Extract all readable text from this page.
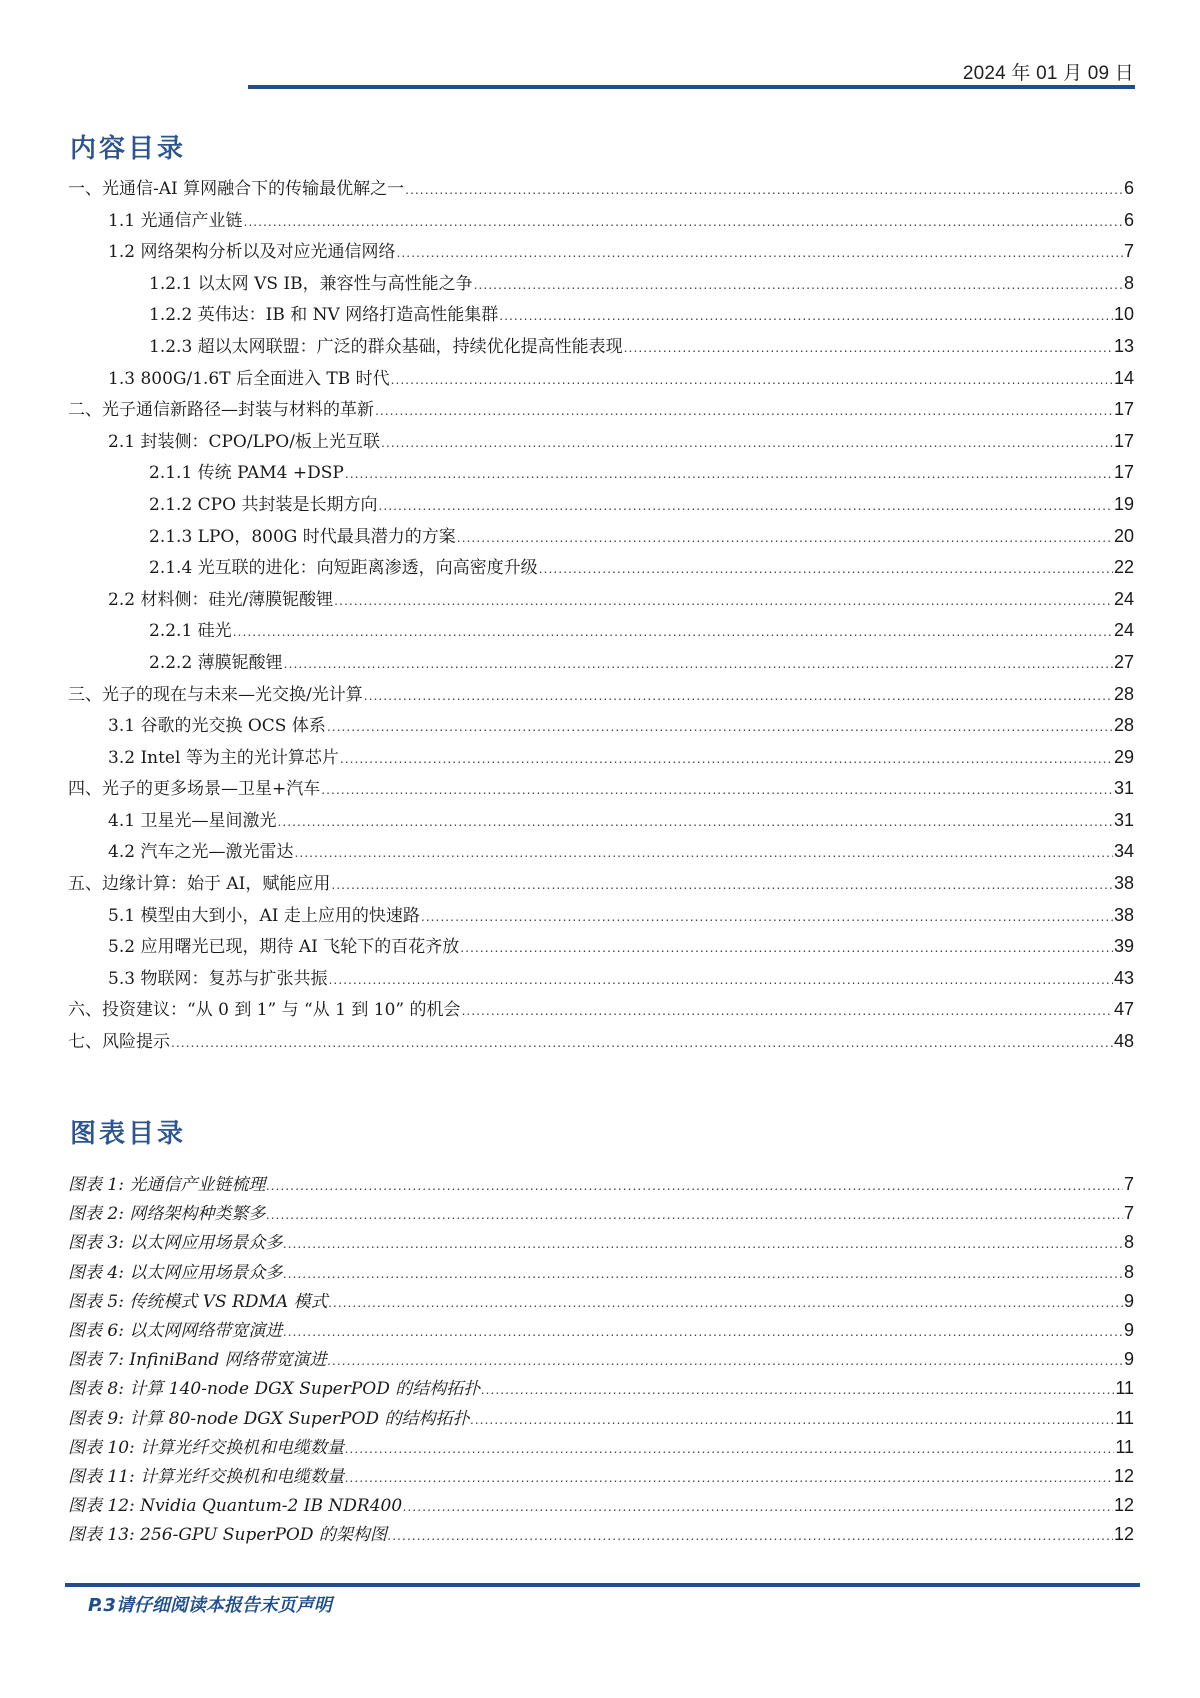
2024 年 01 月 09 日
内容目录
一、光通信-AI 算网融合下的传输最优解之一 .....	6
1.1 光通信产业链 .....	6
1.2 网络架构分析以及对应光通信网络 .....	7
1.2.1 以太网 VS IB，兼容性与高性能之争 .....	8
1.2.2 英伟达：IB 和 NV 网络打造高性能集群 .....	10
1.2.3 超以太网联盟：广泛的群众基础，持续优化提高性能表现 .....	13
1.3 800G/1.6T 后全面进入 TB 时代 .....	14
二、光子通信新路径—封装与材料的革新 .....	17
2.1 封装侧：CPO/LPO/板上光互联 .....	17
2.1.1 传统 PAM4 +DSP .....	17
2.1.2 CPO 共封装是长期方向 .....	19
2.1.3 LPO，800G 时代最具潜力的方案 .....	20
2.1.4 光互联的进化：向短距离渗透，向高密度升级 .....	22
2.2 材料侧：硅光/薄膜铌酸锂 .....	24
2.2.1 硅光 .....	24
2.2.2 薄膜铌酸锂 .....	27
三、光子的现在与未来—光交换/光计算 .....	28
3.1 谷歌的光交换 OCS 体系 .....	28
3.2 Intel 等为主的光计算芯片 .....	29
四、光子的更多场景—卫星+汽车 .....	31
4.1 卫星光—星间激光 .....	31
4.2 汽车之光—激光雷达 .....	34
五、边缘计算：始于 AI，赋能应用 .....	38
5.1 模型由大到小，AI 走上应用的快速路 .....	38
5.2 应用曙光已现，期待 AI 飞轮下的百花齐放 .....	39
5.3 物联网：复苏与扩张共振 .....	43
六、投资建议：“从 0 到 1” 与 “从 1 到 10” 的机会 .....	47
七、风险提示 .....	48
图表目录
图表 1: 光通信产业链梳理 .....	7
图表 2: 网络架构种类繁多 .....	7
图表 3: 以太网应用场景众多 .....	8
图表 4: 以太网应用场景众多 .....	8
图表 5: 传统模式 VS RDMA 模式 .....	9
图表 6: 以太网网络带宽演进 .....	9
图表 7: InfiniBand 网络带宽演进 .....	9
图表 8: 计算 140-node DGX SuperPOD 的结构拓扑 .....	11
图表 9: 计算 80-node DGX SuperPOD 的结构拓扑 .....	11
图表 10: 计算光纤交换机和电缆数量 .....	11
图表 11: 计算光纤交换机和电缆数量 .....	12
图表 12: Nvidia Quantum-2 IB NDR400 .....	12
图表 13: 256-GPU SuperPOD 的架构图 .....	12
P.3请仔细阅读本报告末页声明
